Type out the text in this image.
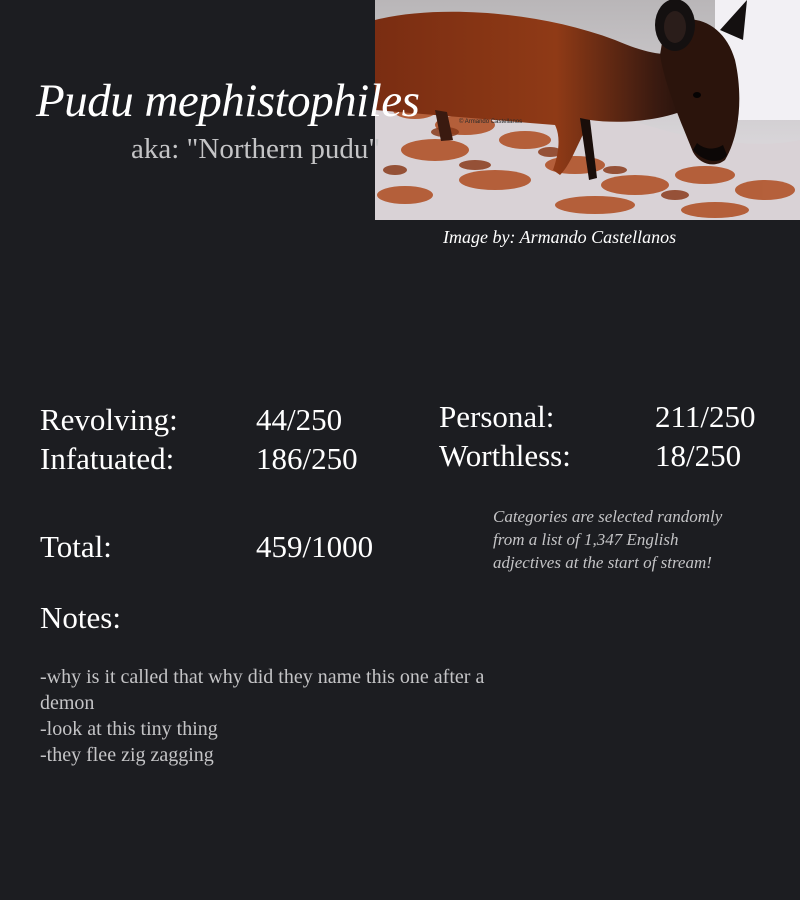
© Armando Castellanos
Pudu mephistophiles
aka: "Northern pudu"
Image by: Armando Castellanos
Revolving:	44/250
Infatuated:	186/250
Personal:	211/250
Worthless:	18/250
Total:	459/1000
Categories are selected randomly from a list of 1,347 English adjectives at the start of stream!
Notes:
-why is it called that why did they name this one after a demon
-look at this tiny thing
-they flee zig zagging
